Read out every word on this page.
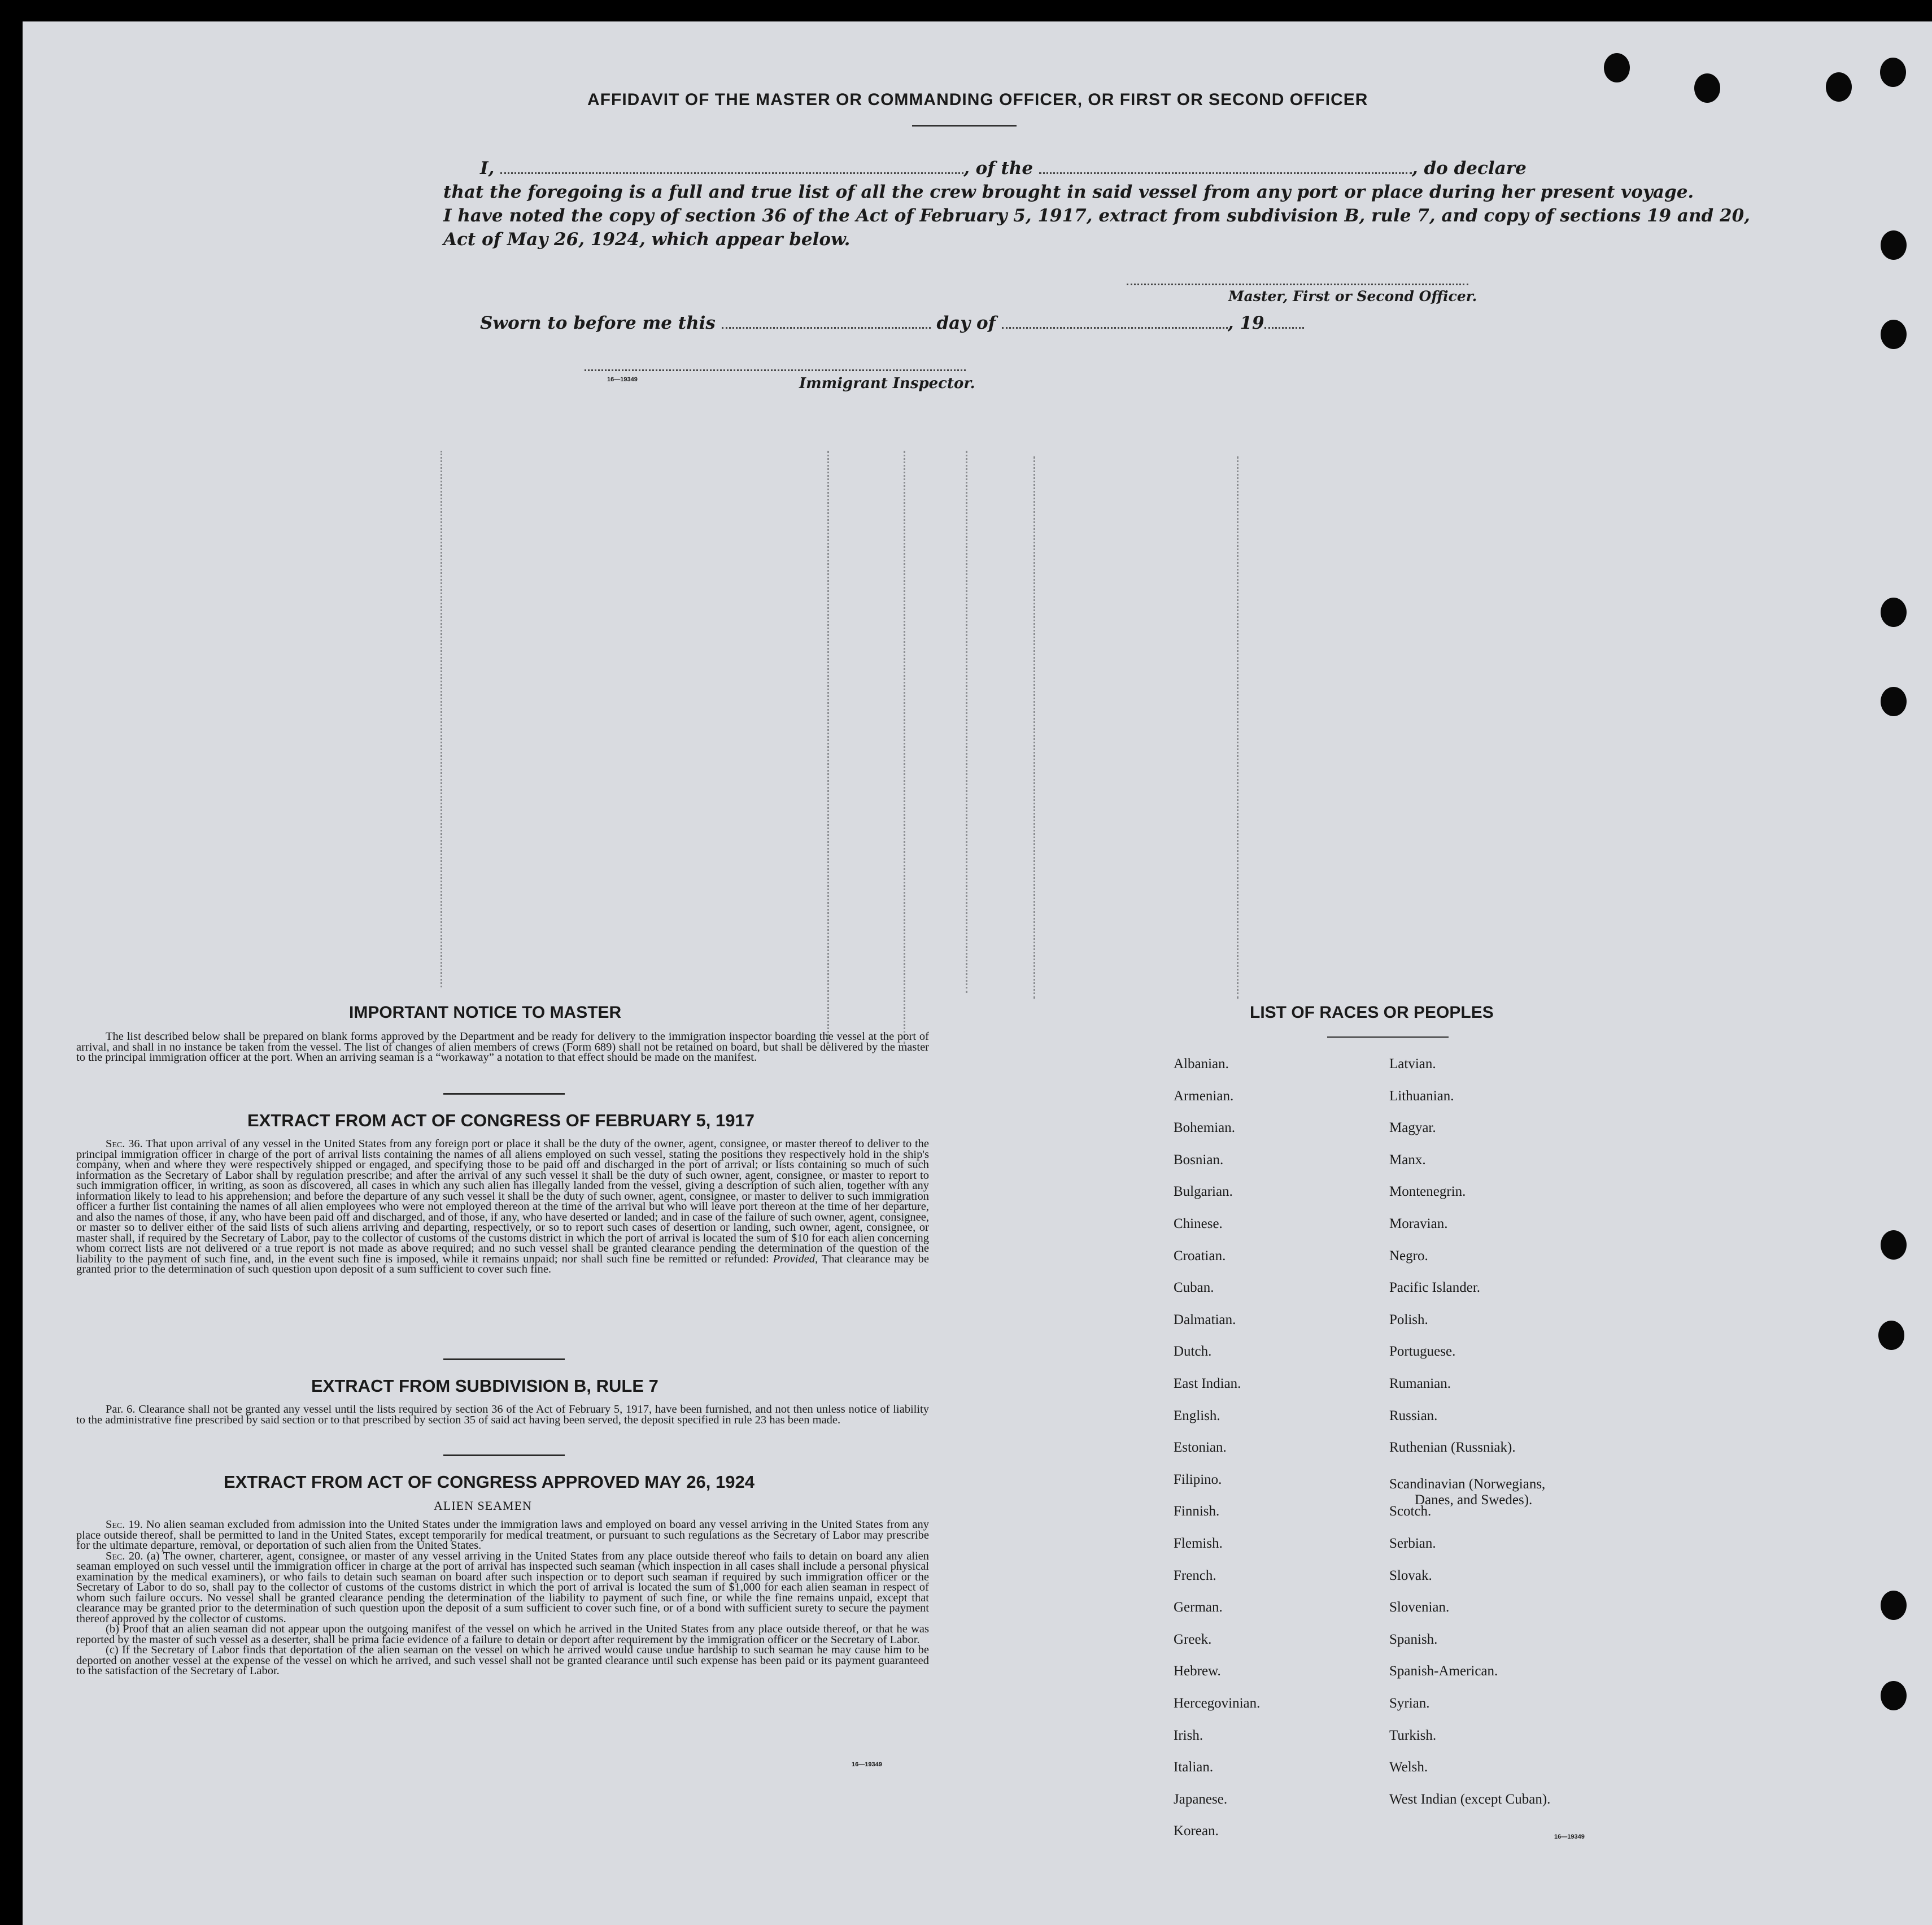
AFFIDAVIT OF THE MASTER OR COMMANDING OFFICER, OR FIRST OR SECOND OFFICER
I,	, of the	, do declare
that the foregoing is a full and true list of all the crew brought in said vessel from any port or place during her present voyage.
I have noted the copy of section 36 of the Act of February 5, 1917, extract from subdivision B, rule 7, and copy of sections 19 and 20,
Act of May 26, 1924, which appear below.
Master, First or Second Officer.
Sworn to before me this	day of	, 19
16—19349	Immigrant Inspector.
IMPORTANT NOTICE TO MASTER

The list described below shall be prepared on blank forms approved by the Department and be ready for delivery to the immigration inspector boarding the vessel at the port of arrival, and shall in no instance be taken from the vessel. The list of changes of alien members of crews (Form 689) shall not be retained on board, but shall be delivered by the master to the principal immigration officer at the port. When an arriving seaman is a “workaway” a notation to that effect should be made on the manifest.

EXTRACT FROM ACT OF CONGRESS OF FEBRUARY 5, 1917

Sec. 36. That upon arrival of any vessel in the United States from any foreign port or place it shall be the duty of the owner, agent, consignee, or master thereof to deliver to the principal immigration officer in charge of the port of arrival lists containing the names of all aliens employed on such vessel, stating the positions they respectively hold in the ship's company, when and where they were respectively shipped or engaged, and specifying those to be paid off and discharged in the port of arrival; or lists containing so much of such information as the Secretary of Labor shall by regulation prescribe; and after the arrival of any such vessel it shall be the duty of such owner, agent, consignee, or master to report to such immigration officer, in writing, as soon as discovered, all cases in which any such alien has illegally landed from the vessel, giving a description of such alien, together with any information likely to lead to his apprehension; and before the departure of any such vessel it shall be the duty of such owner, agent, consignee, or master to deliver to such immigration officer a further list containing the names of all alien employees who were not employed thereon at the time of the arrival but who will leave port thereon at the time of her departure, and also the names of those, if any, who have been paid off and discharged, and of those, if any, who have deserted or landed; and in case of the failure of such owner, agent, consignee, or master so to deliver either of the said lists of such aliens arriving and departing, respectively, or so to report such cases of desertion or landing, such owner, agent, consignee, or master shall, if required by the Secretary of Labor, pay to the collector of customs of the customs district in which the port of arrival is located the sum of $10 for each alien concerning whom correct lists are not delivered or a true report is not made as above required; and no such vessel shall be granted clearance pending the determination of the question of the liability to the payment of such fine, and, in the event such fine is imposed, while it remains unpaid; nor shall such fine be remitted or refunded: Provided, That clearance may be granted prior to the determination of such question upon deposit of a sum sufficient to cover such fine.

EXTRACT FROM SUBDIVISION B, RULE 7

Par. 6. Clearance shall not be granted any vessel until the lists required by section 36 of the Act of February 5, 1917, have been furnished, and not then unless notice of liability to the administrative fine prescribed by said section or to that prescribed by section 35 of said act having been served, the deposit specified in rule 23 has been made.

EXTRACT FROM ACT OF CONGRESS APPROVED MAY 26, 1924
ALIEN SEAMEN

Sec. 19. No alien seaman excluded from admission into the United States under the immigration laws and employed on board any vessel arriving in the United States from any place outside thereof, shall be permitted to land in the United States, except temporarily for medical treatment, or pursuant to such regulations as the Secretary of Labor may prescribe for the ultimate departure, removal, or deportation of such alien from the United States.

Sec. 20. (a) The owner, charterer, agent, consignee, or master of any vessel arriving in the United States from any place outside thereof who fails to detain on board any alien seaman employed on such vessel until the immigration officer in charge at the port of arrival has inspected such seaman (which inspection in all cases shall include a personal physical examination by the medical examiners), or who fails to detain such seaman on board after such inspection or to deport such seaman if required by such immigration officer or the Secretary of Labor to do so, shall pay to the collector of customs of the customs district in which the port of arrival is located the sum of $1,000 for each alien seaman in respect of whom such failure occurs. No vessel shall be granted clearance pending the determination of the liability to payment of such fine, or while the fine remains unpaid, except that clearance may be granted prior to the determination of such question upon the deposit of a sum sufficient to cover such fine, or of a bond with sufficient surety to secure the payment thereof approved by the collector of customs.

(b) Proof that an alien seaman did not appear upon the outgoing manifest of the vessel on which he arrived in the United States from any place outside thereof, or that he was reported by the master of such vessel as a deserter, shall be prima facie evidence of a failure to detain or deport after requirement by the immigration officer or the Secretary of Labor.

(c) If the Secretary of Labor finds that deportation of the alien seaman on the vessel on which he arrived would cause undue hardship to such seaman he may cause him to be deported on another vessel at the expense of the vessel on which he arrived, and such vessel shall not be granted clearance until such expense has been paid or its payment guaranteed to the satisfaction of the Secretary of Labor.

16—19349
LIST OF RACES OR PEOPLES
16—19349
Albanian.
Armenian.
Bohemian.
Bosnian.
Bulgarian.
Chinese.
Croatian.
Cuban.
Dalmatian.
Dutch.
East Indian.
English.
Estonian.
Filipino.
Finnish.
Flemish.
French.
German.
Greek.
Hebrew.
Hercegovinian.
Irish.
Italian.
Japanese.
Korean.
Latvian.
Lithuanian.
Magyar.
Manx.
Montenegrin.
Moravian.
Negro.
Pacific Islander.
Polish.
Portuguese.
Rumanian.
Russian.
Ruthenian (Russniak).
Scandinavian (Norwegians,
Danes, and Swedes).
Scotch.
Serbian.
Slovak.
Slovenian.
Spanish.
Spanish-American.
Syrian.
Turkish.
Welsh.
West Indian (except Cuban).
